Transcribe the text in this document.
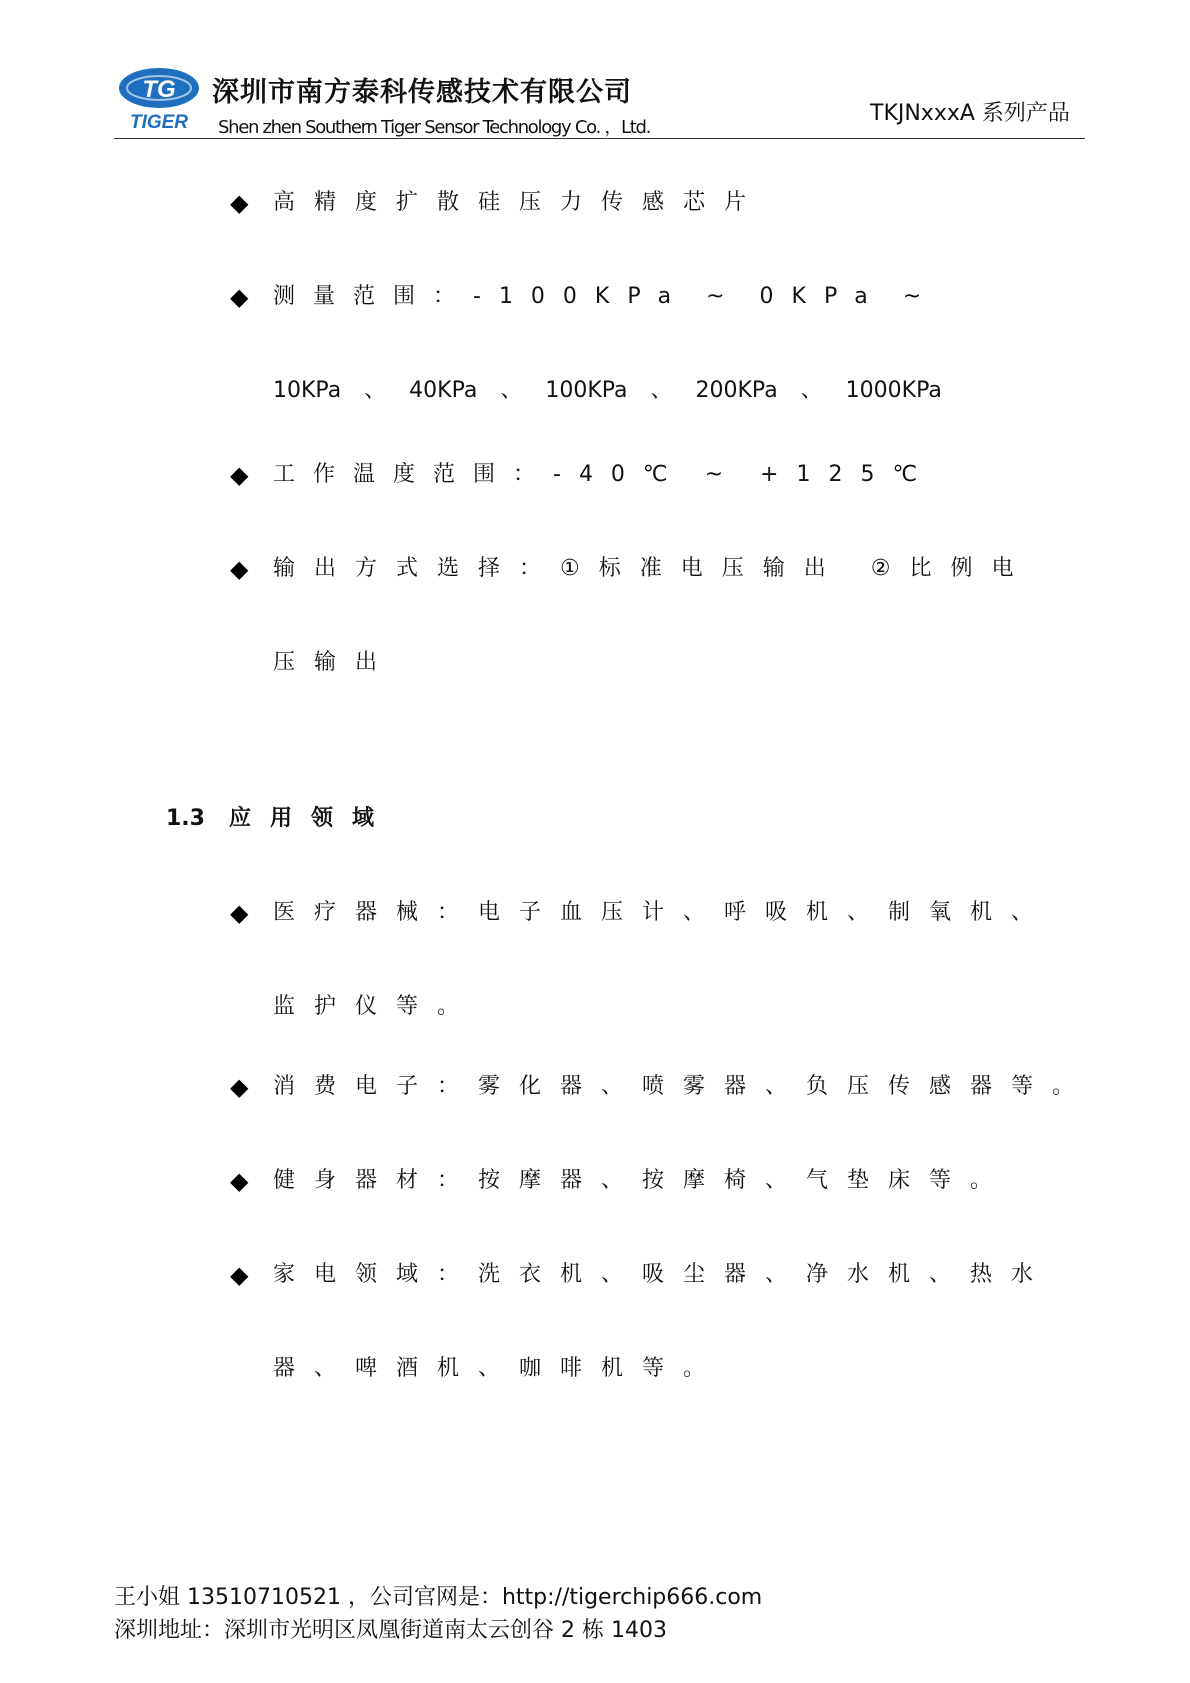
TG
TIGER
深圳市南方泰科传感技术有限公司
Shen zhen Southern Tiger Sensor Technology Co. ，Ltd.
TKJNxxxA 系列产品
◆ 高精度扩散硅压力传感芯片
◆ 测量范围：-100KPa ~ 0KPa ~
10KPa 、 40KPa 、 100KPa 、 200KPa 、 1000KPa
◆ 工作温度范围：-40℃ ~ +125℃
◆ 输出方式选择：①标准电压输出 ②比例电
压输出
1.3 应用领域
◆ 医疗器械：电子血压计、呼吸机、制氧机、
监护仪等。
◆ 消费电子：雾化器、喷雾器、负压传感器等。
◆ 健身器材：按摩器、按摩椅、气垫床等。
◆ 家电领域：洗衣机、吸尘器、净水机、热水
器、啤酒机、咖啡机等。
王小姐 13510710521 ，公司官网是：http://tigerchip666.com
深圳地址：深圳市光明区凤凰街道南太云创谷 2 栋 1403
